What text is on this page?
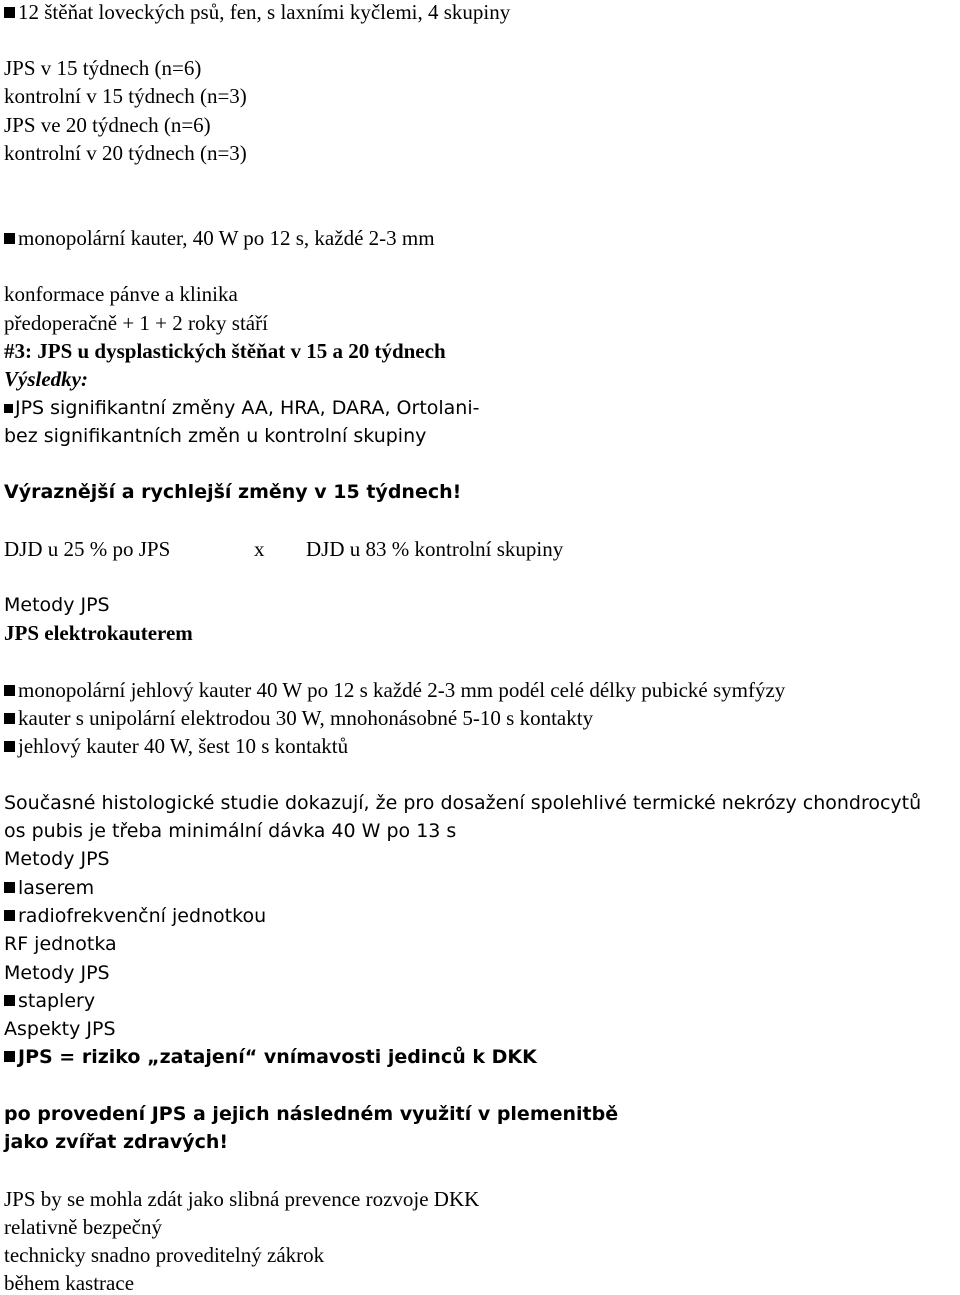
12 štěňat loveckých psů, fen, s laxními kyčlemi, 4 skupiny
JPS v 15 týdnech (n=6)
kontrolní v 15 týdnech (n=3)
JPS ve 20 týdnech (n=6)
kontrolní v 20 týdnech (n=3)
monopolární kauter, 40 W po 12 s, každé 2-3 mm
konformace pánve a klinika
předoperačně + 1 + 2 roky stáří
#3: JPS u dysplastických štěňat v 15 a 20 týdnech
Výsledky:
JPS signifikantní změny AA, HRA, DARA, Ortolani-
bez signifikantních změn u kontrolní skupiny
Výraznější a rychlejší změny v 15 týdnech!
DJD u 25 % po JPS	x DJD u 83 % kontrolní skupiny
Metody JPS
JPS elektrokauterem
monopolární jehlový kauter 40 W po 12 s každé 2-3 mm podél celé délky pubické symfýzy
kauter s unipolární elektrodou 30 W, mnohonásobné 5-10 s kontakty
jehlový kauter 40 W, šest 10 s kontaktů
Současné histologické studie dokazují, že pro dosažení spolehlivé termické nekrózy chondrocytů
os pubis je třeba minimální dávka 40 W po 13 s
Metody JPS
laserem
radiofrekvenční jednotkou
RF jednotka
Metody JPS
staplery
Aspekty JPS
JPS = riziko „zatajení“ vnímavosti jedinců k DKK
po provedení JPS a jejich následném využití v plemenitbě
jako zvířat zdravých!
JPS by se mohla zdát jako slibná prevence rozvoje DKK
relativně bezpečný
technicky snadno proveditelný zákrok
během kastrace
